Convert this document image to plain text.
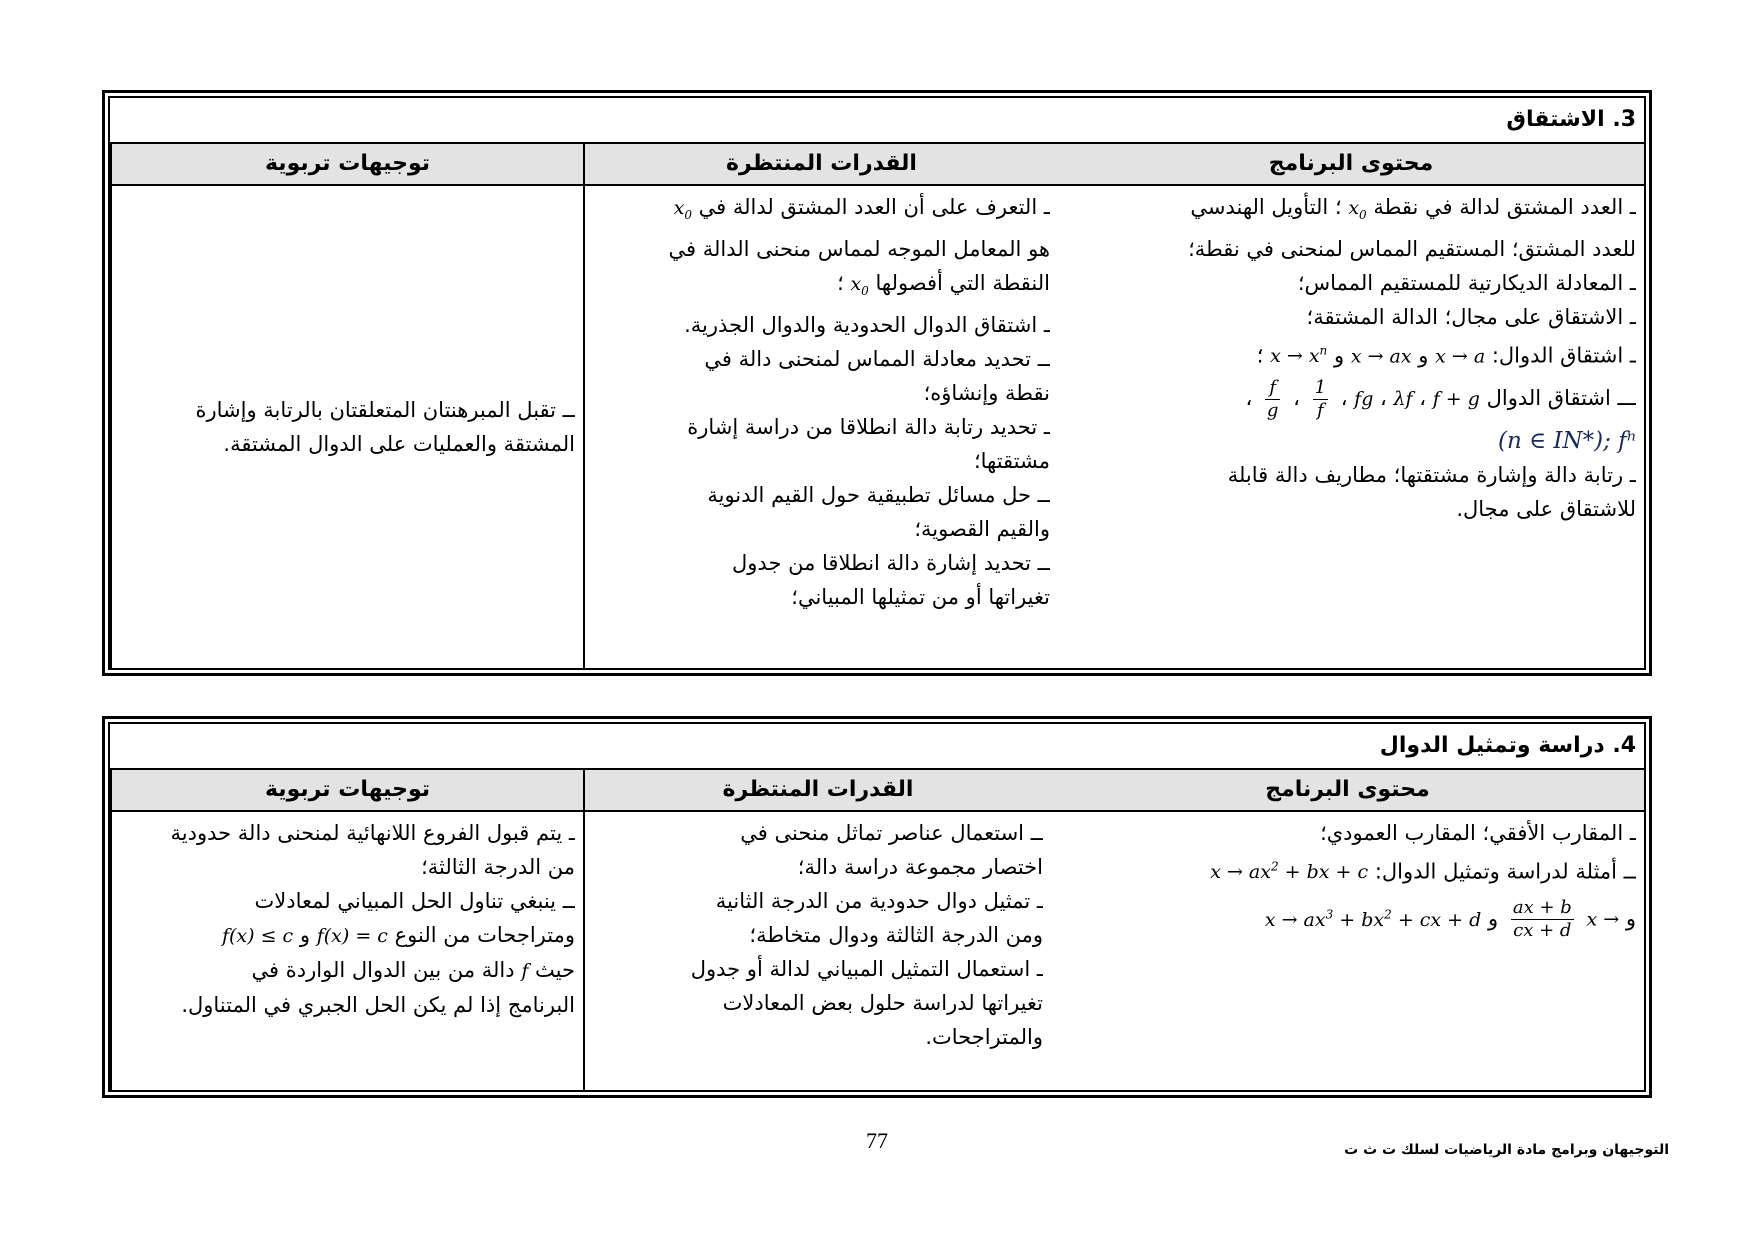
3. الاشتقاق
محتوى البرنامج
القدرات المنتظرة
توجيهات تربوية
ـ العدد المشتق لدالة في نقطة $x_0$ ؛ التأويل الهندسي
للعدد المشتق؛ المستقيم المماس لمنحنى في نقطة؛
ـ المعادلة الديكارتية للمستقيم المماس؛
ـ الاشتقاق على مجال؛ الدالة المشتقة؛
ـ اشتقاق الدوال: x → a و x → ax و $x \to x^n$ ؛
ـــ اشتقاق الدوال f + g ، λf ، fg ،
$\frac{1}{f}$
،
$\frac{f}{g}$
،
(n ∈ IN*); fⁿ
ـ رتابة دالة وإشارة مشتقتها؛ مطاريف دالة قابلة
للاشتقاق على مجال.
ـ التعرف على أن العدد المشتق لدالة في $x_0$
هو المعامل الموجه لمماس منحنى الدالة في
النقطة التي أفصولها $x_0$ ؛
ـ اشتقاق الدوال الحدودية والدوال الجذرية.
ــ تحديد معادلة المماس لمنحنى دالة في
نقطة وإنشاؤه؛
ـ تحديد رتابة دالة انطلاقا من دراسة إشارة
مشتقتها؛
ــ حل مسائل تطبيقية حول القيم الدنوية
والقيم القصوية؛
ــ تحديد إشارة دالة انطلاقا من جدول
تغيراتها أو من تمثيلها المبياني؛
ــ تقبل المبرهنتان المتعلقتان بالرتابة وإشارة
المشتقة والعمليات على الدوال المشتقة.
4. دراسة وتمثيل الدوال
محتوى البرنامج
القدرات المنتظرة
توجيهات تربوية
ـ المقارب الأفقي؛ المقارب العمودي؛
ــ أمثلة لدراسة وتمثيل الدوال: $x \to ax^2$ + bx + c
و x →
$\frac{ax + b}{cx + d}$
و $x \to ax^3 + bx^2$ + cx + d
ــ استعمال عناصر تماثل منحنى في
اختصار مجموعة دراسة دالة؛
ـ تمثيل دوال حدودية من الدرجة الثانية
ومن الدرجة الثالثة ودوال متخاطة؛
ـ استعمال التمثيل المبياني لدالة أو جدول
تغيراتها لدراسة حلول بعض المعادلات
والمتراجحات.
ـ يتم قبول الفروع اللانهائية لمنحنى دالة حدودية
من الدرجة الثالثة؛
ــ ينبغي تناول الحل المبياني لمعادلات
ومتراجحات من النوع f(x) = c و f(x) ≤ c
حيث f دالة من بين الدوال الواردة في
البرنامج إذا لم يكن الحل الجبري في المتناول.
77	التوجيهان وبرامج مادة الرياضيات لسلك ت ث ت
